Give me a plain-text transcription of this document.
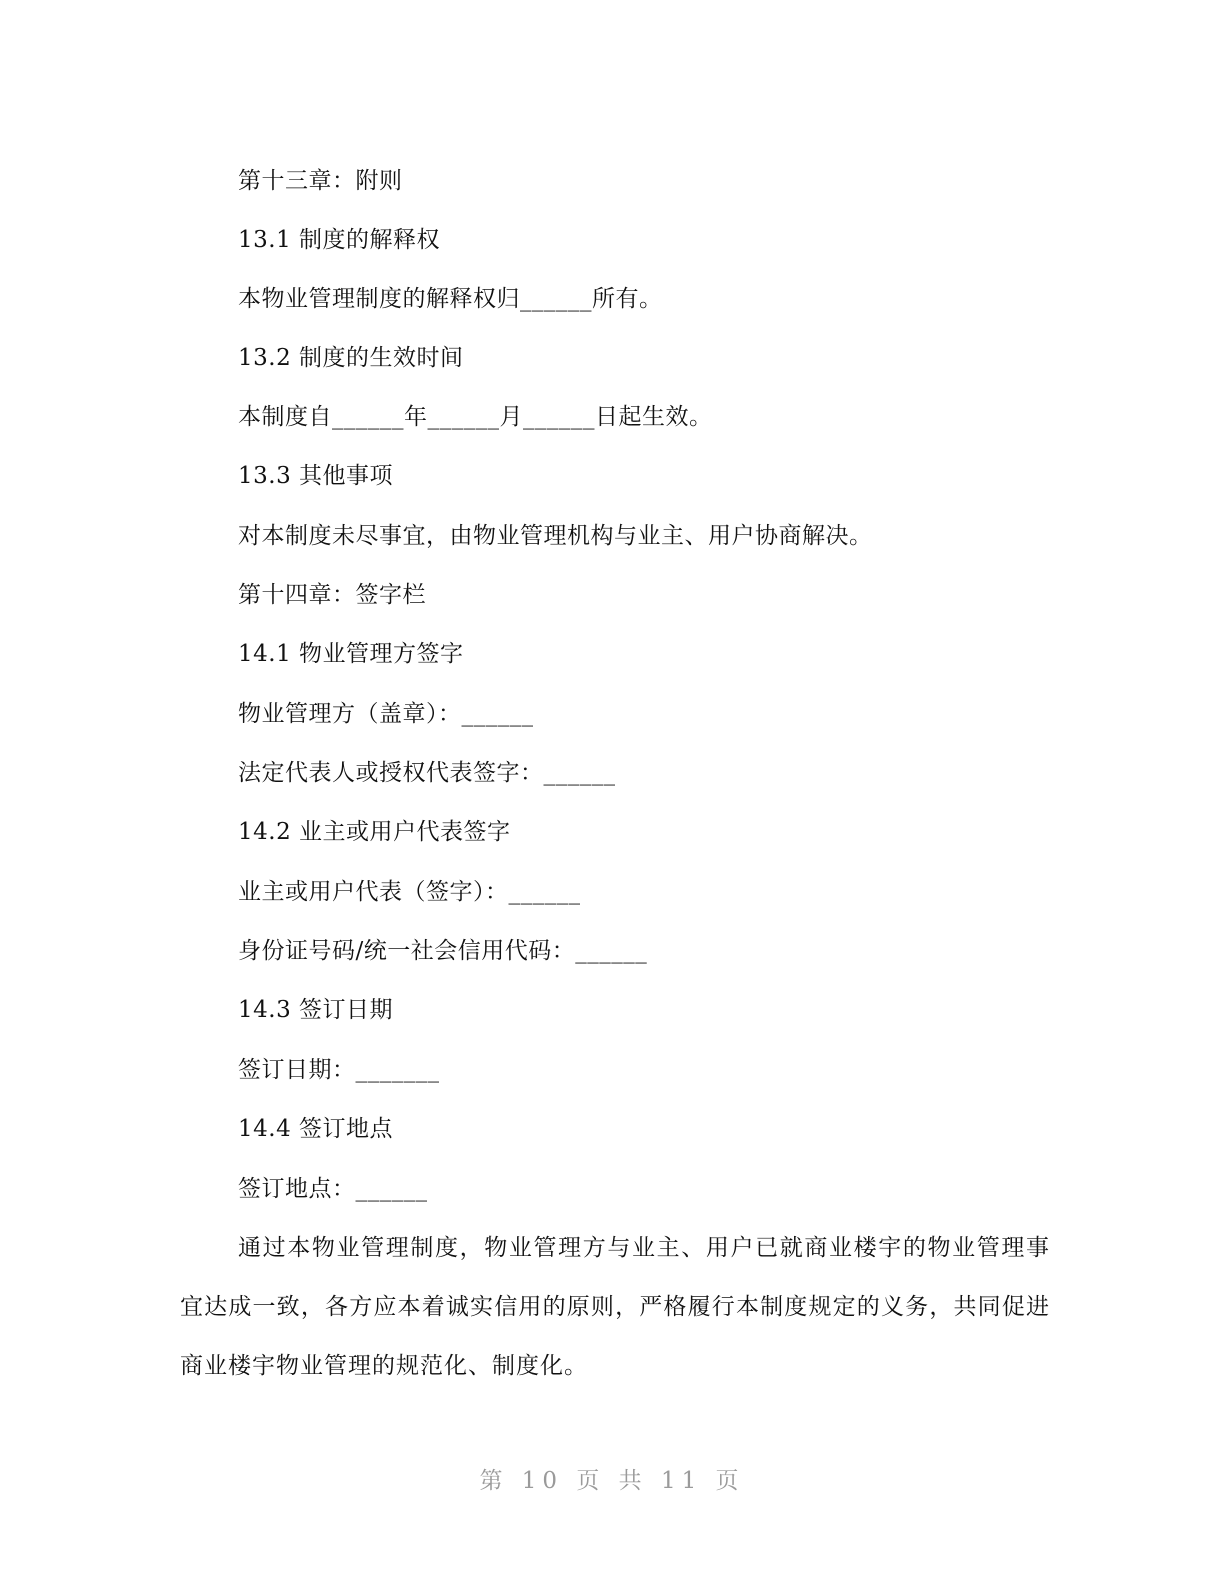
第十三章：附则
13.1 制度的解释权
本物业管理制度的解释权归______所有。
13.2 制度的生效时间
本制度自______年______月______日起生效。
13.3 其他事项
对本制度未尽事宜，由物业管理机构与业主、用户协商解决。
第十四章：签字栏
14.1 物业管理方签字
物业管理方（盖章）：______
法定代表人或授权代表签字：______
14.2 业主或用户代表签字
业主或用户代表（签字）：______
身份证号码/统一社会信用代码：______
14.3 签订日期
签订日期：_______
14.4 签订地点
签订地点：______
通过本物业管理制度，物业管理方与业主、用户已就商业楼宇的物业管理事宜达成一致，各方应本着诚实信用的原则，严格履行本制度规定的义务，共同促进商业楼宇物业管理的规范化、制度化。
第 10 页 共 11 页
